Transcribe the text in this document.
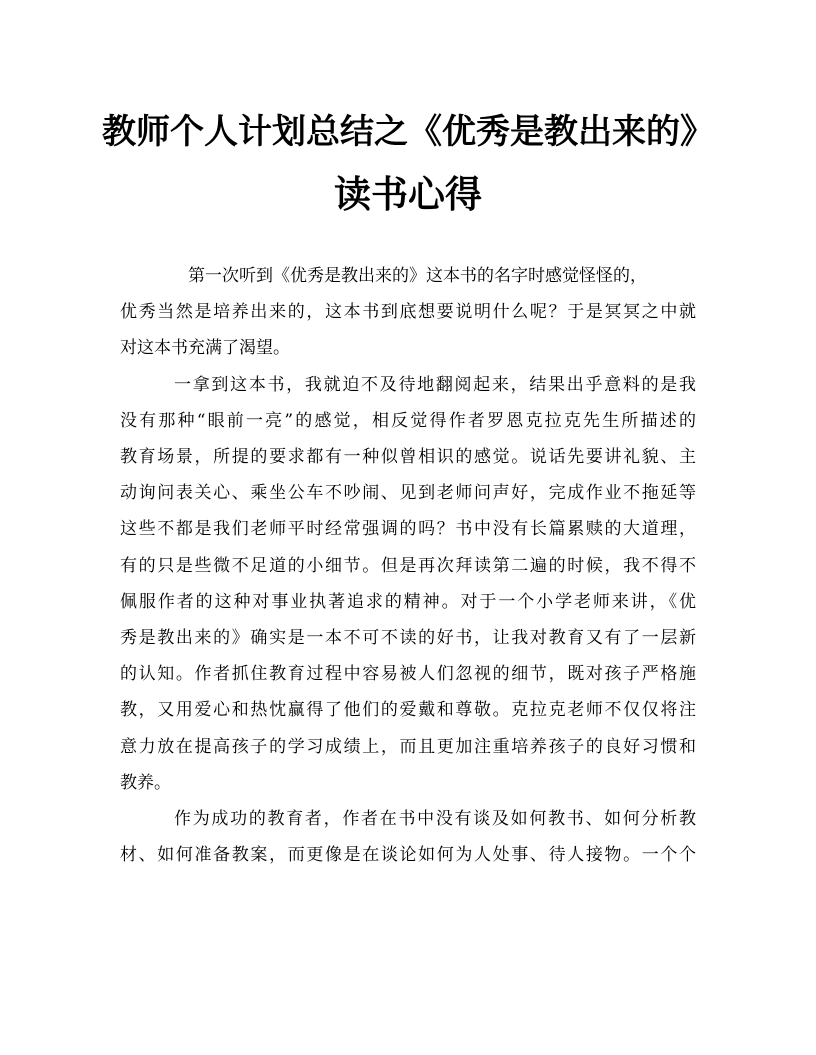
教师个人计划总结之《优秀是教出来的》
读书心得

第一次听到《优秀是教出来的》这本书的名字时感觉怪怪的，
优秀当然是培养出来的，这本书到底想要说明什么呢？于是冥冥之中就
对这本书充满了渴望。

一拿到这本书，我就迫不及待地翻阅起来，结果出乎意料的是我
没有那种“眼前一亮”的感觉，相反觉得作者罗恩克拉克先生所描述的
教育场景，所提的要求都有一种似曾相识的感觉。说话先要讲礼貌、主
动询问表关心、乘坐公车不吵闹、见到老师问声好，完成作业不拖延等
这些不都是我们老师平时经常强调的吗？书中没有长篇累赎的大道理，
有的只是些微不足道的小细节。但是再次拜读第二遍的时候，我不得不
佩服作者的这种对事业执著追求的精神。对于一个小学老师来讲，《优
秀是教出来的》确实是一本不可不读的好书，让我对教育又有了一层新
的认知。作者抓住教育过程中容易被人们忽视的细节，既对孩子严格施
教，又用爱心和热忱赢得了他们的爱戴和尊敬。克拉克老师不仅仅将注
意力放在提高孩子的学习成绩上，而且更加注重培养孩子的良好习惯和
教养。

作为成功的教育者，作者在书中没有谈及如何教书、如何分析教
材、如何准备教案，而更像是在谈论如何为人处事、待人接物。一个个
